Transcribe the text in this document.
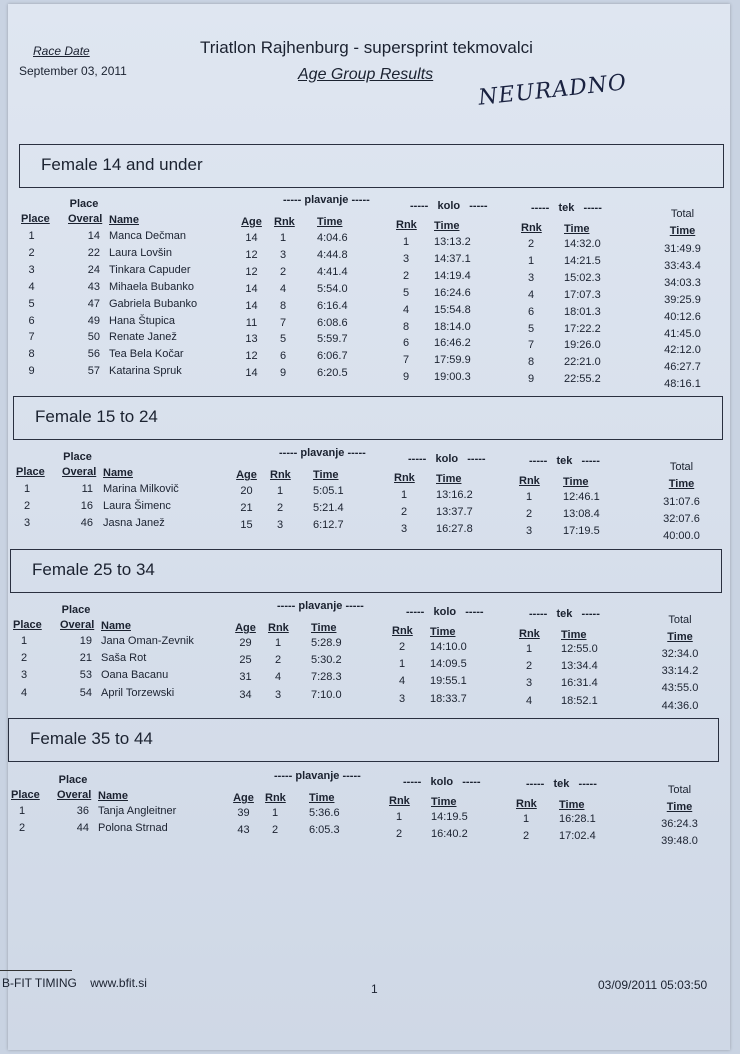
Race Date
September 03, 2011
Triatlon Rajhenburg - supersprint tekmovalci
Age Group Results NEURADNO
Female 14 and under
Place	----- plavanje -----	-----   kolo   -----	-----   tek   -----	Total
Place Overal Name	Age Rnk Time	Rnk Time	Rnk Time	Time
1	14 Manca Dečman	14	1	4:04.6	1	13:13.2	2	14:32.0	31:49.9
2	22 Laura Lovšin	12	3	4:44.8	3	14:37.1	1	14:21.5	33:43.4
3	24 Tinkara Capuder	12	2	4:41.4	2	14:19.4	3	15:02.3	34:03.3
4	43 Mihaela Bubanko	14	4	5:54.0	5	16:24.6	4	17:07.3	39:25.9
5	47 Gabriela Bubanko	14	8	6:16.4	4	15:54.8	6	18:01.3	40:12.6
6	49 Hana Štupica	11	7	6:08.6	8	18:14.0	5	17:22.2	41:45.0
7	50 Renate Janež	13	5	5:59.7	6	16:46.2	7	19:26.0	42:12.0
8	56 Tea Bela Kočar	12	6	6:06.7	7	17:59.9	8	22:21.0	46:27.7
9	57 Katarina Spruk	14	9	6:20.5	9	19:00.3	9	22:55.2	48:16.1
Female 15 to 24
Place	----- plavanje -----	-----   kolo   -----	-----   tek   -----	Total
Place Overal Name	Age Rnk Time	Rnk Time	Rnk Time	Time
1	11 Marina Milkovič	20	1	5:05.1	1	13:16.2	1	12:46.1	31:07.6
2	16 Laura Šimenc	21	2	5:21.4	2	13:37.7	2	13:08.4	32:07.6
3	46 Jasna Janež	15	3	6:12.7	3	16:27.8	3	17:19.5	40:00.0
Female 25 to 34
Place	----- plavanje -----	-----   kolo   -----	-----   tek   -----	Total
Place Overal Name	Age Rnk Time	Rnk Time	Rnk Time	Time
1	19 Jana Oman-Zevnik	29	1	5:28.9	2	14:10.0	1	12:55.0	32:34.0
2	21 Saša Rot	25	2	5:30.2	1	14:09.5	2	13:34.4	33:14.2
3	53 Oana Bacanu	31	4	7:28.3	4	19:55.1	3	16:31.4	43:55.0
4	54 April Torzewski	34	3	7:10.0	3	18:33.7	4	18:52.1	44:36.0
Female 35 to 44
Place	----- plavanje -----	-----   kolo   -----	-----   tek   -----	Total
Place Overal Name	Age Rnk Time	Rnk Time	Rnk Time	Time
1	36 Tanja Angleitner	39	1	5:36.6	1	14:19.5	1	16:28.1	36:24.3
2	44 Polona Strnad	43	2	6:05.3	2	16:40.2	2	17:02.4	39:48.0
B-FIT TIMING www.bfit.si	1	03/09/2011 05:03:50
